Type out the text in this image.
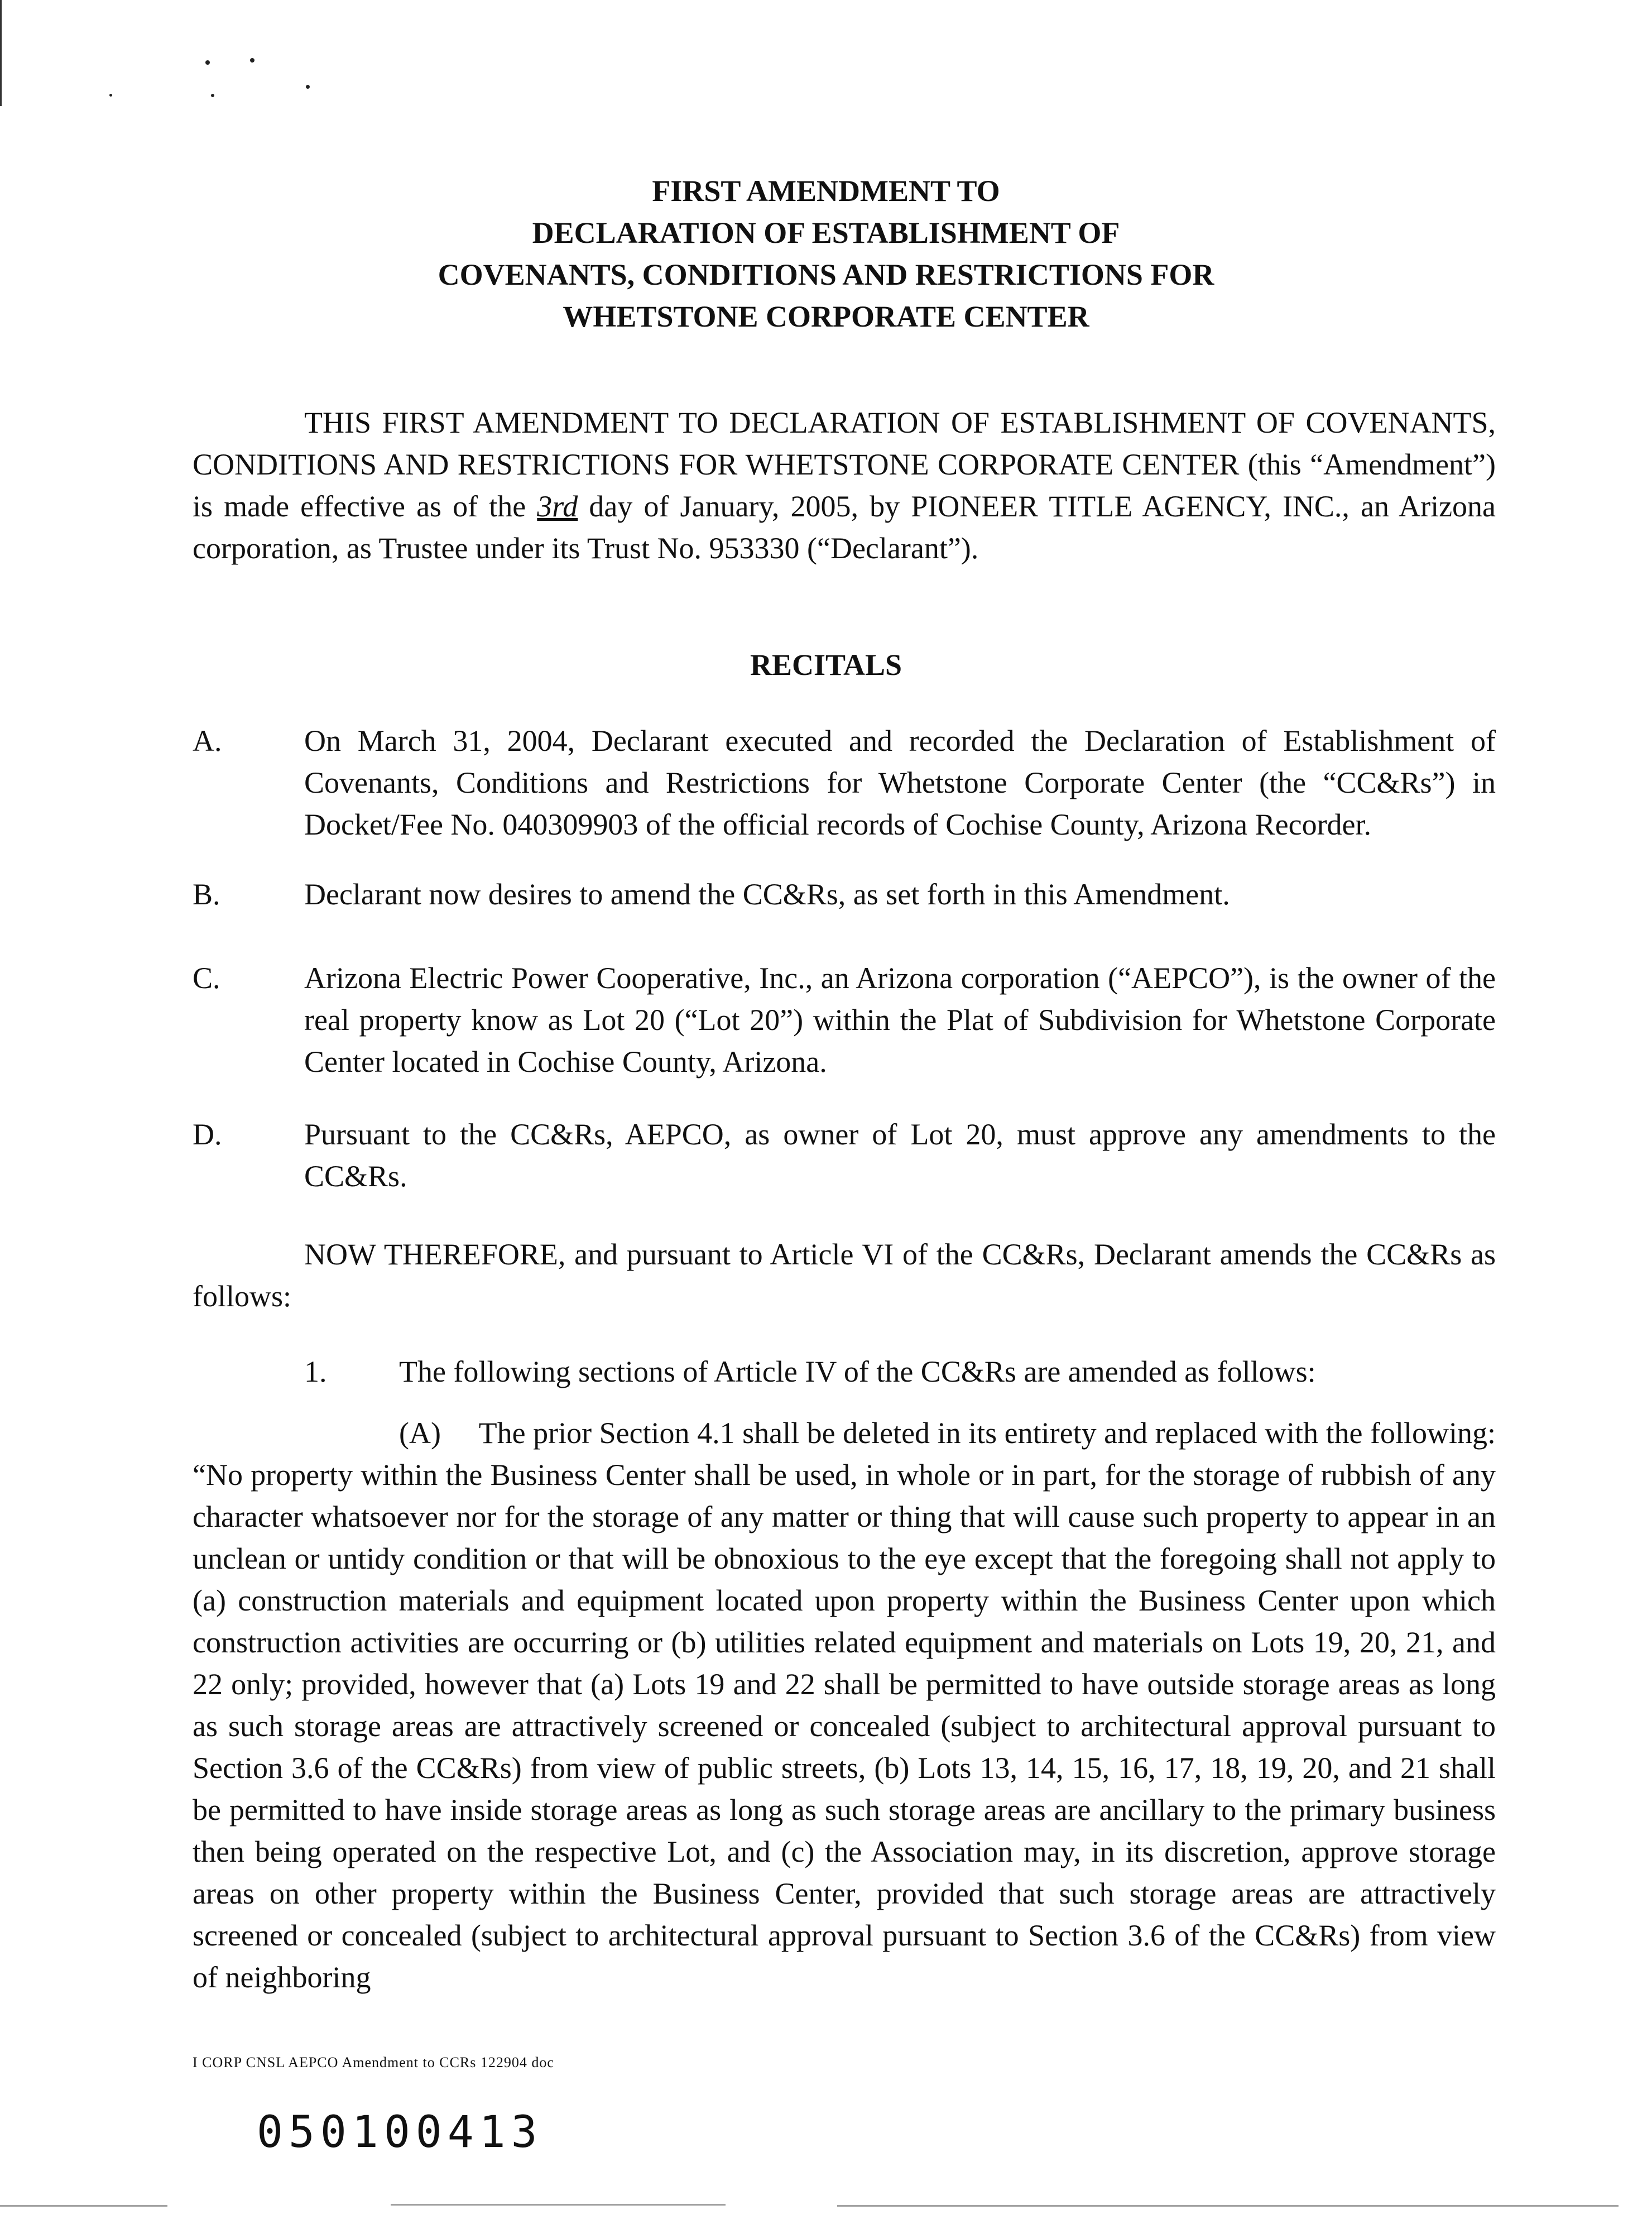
FIRST AMENDMENT TO
DECLARATION OF ESTABLISHMENT OF
COVENANTS, CONDITIONS AND RESTRICTIONS FOR
WHETSTONE CORPORATE CENTER
THIS FIRST AMENDMENT TO DECLARATION OF ESTABLISHMENT OF COVENANTS, CONDITIONS AND RESTRICTIONS FOR WHETSTONE CORPORATE CENTER (this “Amendment”) is made effective as of the 3rd day of January, 2005, by PIONEER TITLE AGENCY, INC., an Arizona corporation, as Trustee under its Trust No. 953330 (“Declarant”).
RECITALS
A.	On March 31, 2004, Declarant executed and recorded the Declaration of Establishment of Covenants, Conditions and Restrictions for Whetstone Corporate Center (the “CC&Rs”) in Docket/Fee No. 040309903 of the official records of Cochise County, Arizona Recorder.
B.	Declarant now desires to amend the CC&Rs, as set forth in this Amendment.
C.	Arizona Electric Power Cooperative, Inc., an Arizona corporation (“AEPCO”), is the owner of the real property know as Lot 20 (“Lot 20”) within the Plat of Subdivision for Whetstone Corporate Center located in Cochise County, Arizona.
D.	Pursuant to the CC&Rs, AEPCO, as owner of Lot 20, must approve any amendments to the CC&Rs.
NOW THEREFORE, and pursuant to Article VI of the CC&Rs, Declarant amends the CC&Rs as follows:
1. The following sections of Article IV of the CC&Rs are amended as follows:
(A) The prior Section 4.1 shall be deleted in its entirety and replaced with the following: “No property within the Business Center shall be used, in whole or in part, for the storage of rubbish of any character whatsoever nor for the storage of any matter or thing that will cause such property to appear in an unclean or untidy condition or that will be obnoxious to the eye except that the foregoing shall not apply to (a) construction materials and equipment located upon property within the Business Center upon which construction activities are occurring or (b) utilities related equipment and materials on Lots 19, 20, 21, and 22 only; provided, however that (a) Lots 19 and 22 shall be permitted to have outside storage areas as long as such storage areas are attractively screened or concealed (subject to architectural approval pursuant to Section 3.6 of the CC&Rs) from view of public streets, (b) Lots 13, 14, 15, 16, 17, 18, 19, 20, and 21 shall be permitted to have inside storage areas as long as such storage areas are ancillary to the primary business then being operated on the respective Lot, and (c) the Association may, in its discretion, approve storage areas on other property within the Business Center, provided that such storage areas are attractively screened or concealed (subject to architectural approval pursuant to Section 3.6 of the CC&Rs) from view of neighboring
I CORP CNSL AEPCO Amendment to CCRs 122904 doc
050100413
